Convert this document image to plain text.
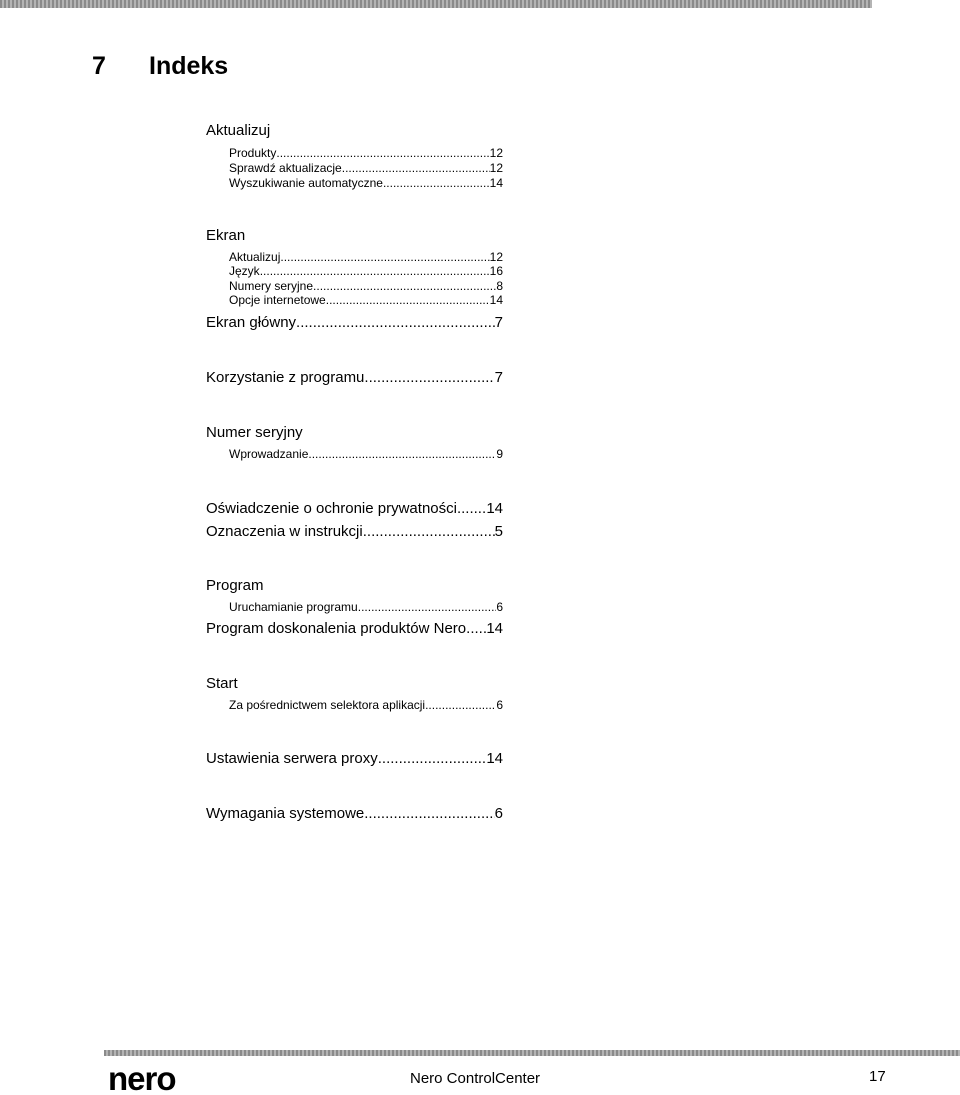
7 Indeks
Aktualizuj
Produkty .....	12
Sprawdź aktualizacje .....	12
Wyszukiwanie automatyczne .....	14
Ekran
Aktualizuj .....	12
Język .....	16
Numery seryjne .....	8
Opcje internetowe .....	14
Ekran główny .....	7
Korzystanie z programu .....	7
Numer seryjny
Wprowadzanie .....	9
Oświadczenie o ochronie prywatności ..... 14
Oznaczenia w instrukcji .....	5
Program
Uruchamianie programu .....	6
Program doskonalenia produktów Nero ..... 14
Start
Za pośrednictwem selektora aplikacji .....	6
Ustawienia serwera proxy .....	14
Wymagania systemowe .....	6
nero	Nero ControlCenter	17
